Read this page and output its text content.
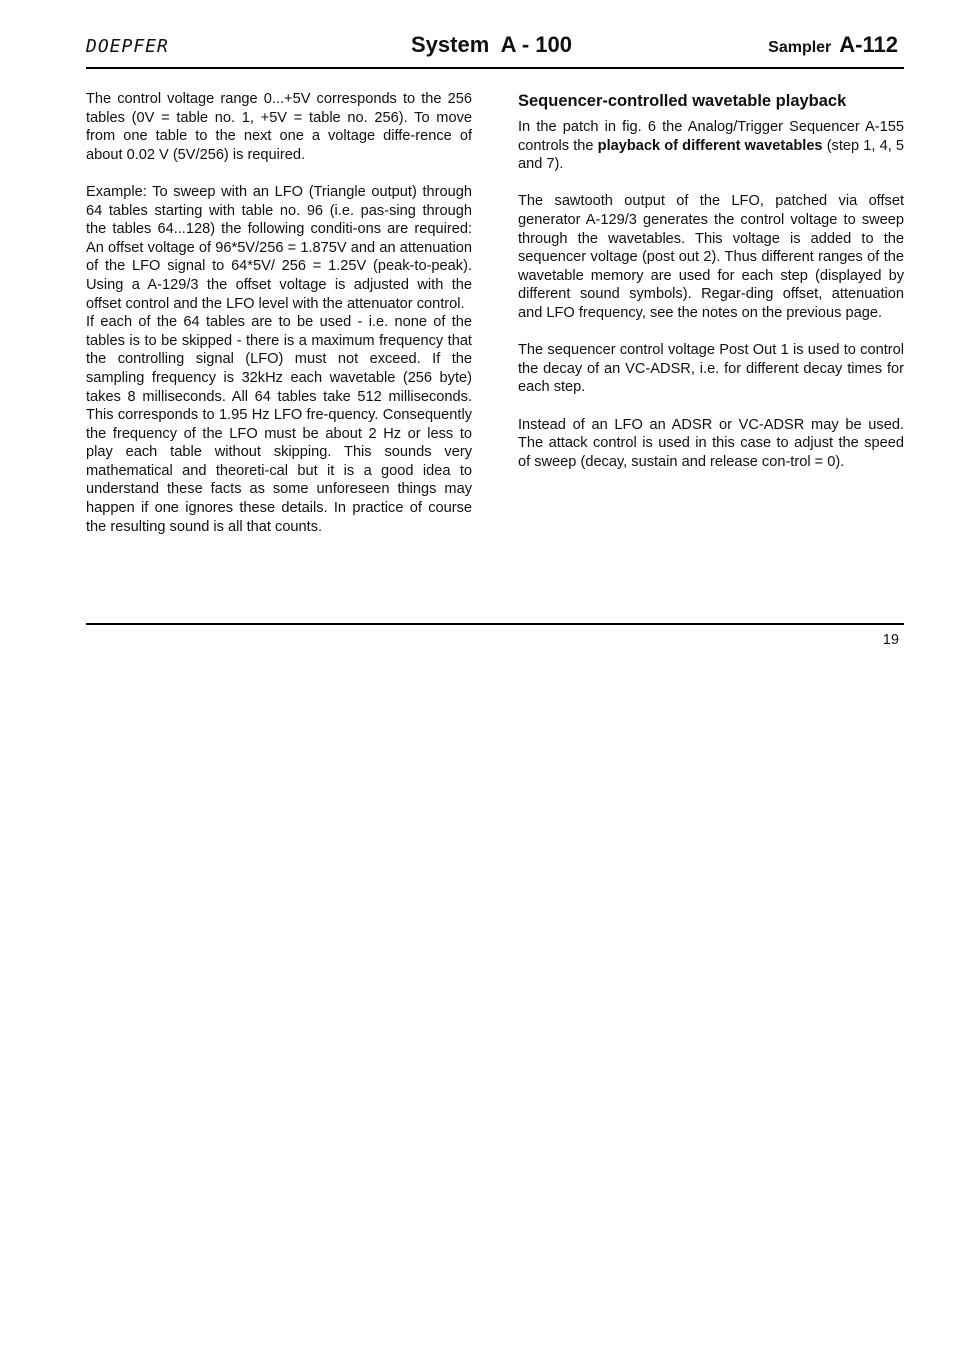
DOEPFER	System  A - 100	Sampler A-112

The control voltage range 0...+5V corresponds to the 256 tables (0V = table no. 1, +5V = table no. 256). To move from one table to the next one a voltage diffe-rence of about 0.02 V (5V/256) is required.

Example: To sweep with an LFO (Triangle output) through 64 tables starting with table no. 96 (i.e. pas-sing through the tables 64...128) the following conditi-ons are required: An offset voltage of 96*5V/256 = 1.875V and an attenuation of the LFO signal to 64*5V/ 256 = 1.25V (peak-to-peak). Using a A-129/3 the offset voltage is adjusted with the offset control and the LFO level with the attenuator control.

If each of the 64 tables are to be used - i.e. none of the tables is to be skipped - there is a maximum frequency that the controlling signal (LFO) must not exceed. If the sampling frequency is 32kHz each wavetable (256 byte) takes 8 milliseconds. All 64 tables take 512 milliseconds. This corresponds to 1.95 Hz LFO fre-quency. Consequently the frequency of the LFO must be about 2 Hz or less to play each table without skipping. This sounds very mathematical and theoreti-cal but it is a good idea to understand these facts as some unforeseen things may happen if one ignores these details. In practice of course the resulting sound is all that counts.

Sequencer-controlled wavetable playback

In the patch in fig. 6 the Analog/Trigger Sequencer A-155 controls the playback of different wavetables (step 1, 4, 5 and 7).

The sawtooth output of the LFO, patched via offset generator A-129/3 generates the control voltage to sweep through the wavetables. This voltage is added to the sequencer voltage (post out 2). Thus different ranges of the wavetable memory are used for each step (displayed by different sound symbols). Regar-ding offset, attenuation and LFO frequency, see the notes on the previous page.

The sequencer control voltage Post Out 1 is used to control the decay of an VC-ADSR, i.e. for different decay times for each step.

Instead of an LFO an ADSR or VC-ADSR may be used. The attack control is used in this case to adjust the speed of sweep (decay, sustain and release con-trol = 0).

19
